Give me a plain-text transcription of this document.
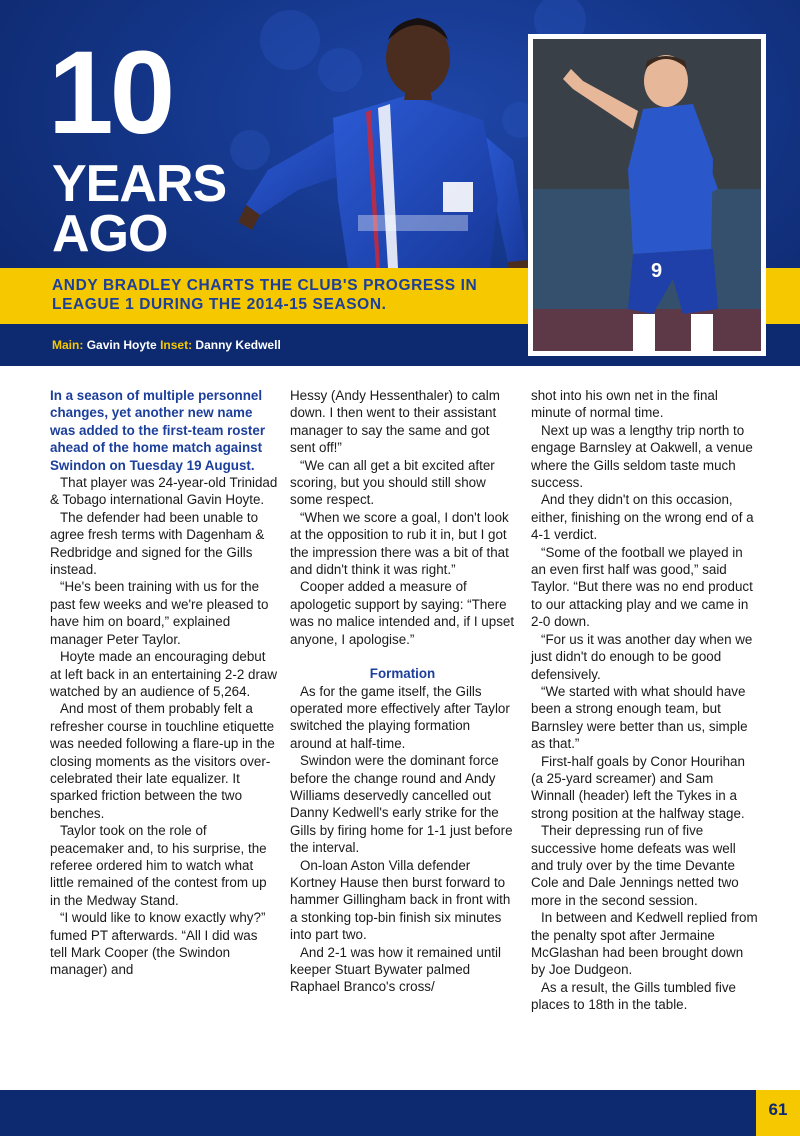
10
YEARS
AGO
ANDY BRADLEY CHARTS THE CLUB'S PROGRESS IN LEAGUE 1 DURING THE 2014-15 SEASON.
Main: Gavin Hoyte Inset: Danny Kedwell
9

In a season of multiple personnel changes, yet another new name was added to the first-team roster ahead of the home match against Swindon on Tuesday 19 August.

That player was 24-year-old Trinidad & Tobago international Gavin Hoyte.

The defender had been unable to agree fresh terms with Dagenham & Redbridge and signed for the Gills instead.

“He's been training with us for the past few weeks and we're pleased to have him on board,” explained manager Peter Taylor.

Hoyte made an encouraging debut at left back in an entertaining 2-2 draw watched by an audience of 5,264.

And most of them probably felt a refresher course in touchline etiquette was needed following a flare-up in the closing moments as the visitors over-celebrated their late equalizer. It sparked friction between the two benches.

Taylor took on the role of peacemaker and, to his surprise, the referee ordered him to watch what little remained of the contest from up in the Medway Stand.

“I would like to know exactly why?” fumed PT afterwards. “All I did was tell Mark Cooper (the Swindon manager) and

Hessy (Andy Hessenthaler) to calm down. I then went to their assistant manager to say the same and got sent off!”

“We can all get a bit excited after scoring, but you should still show some respect.

“When we score a goal, I don't look at the opposition to rub it in, but I got the impression there was a bit of that and didn't think it was right.”

Cooper added a measure of apologetic support by saying: “There was no malice intended and, if I upset anyone, I apologise.”

Formation

As for the game itself, the Gills operated more effectively after Taylor switched the playing formation around at half-time.

Swindon were the dominant force before the change round and Andy Williams deservedly cancelled out Danny Kedwell's early strike for the Gills by firing home for 1-1 just before the interval.

On-loan Aston Villa defender Kortney Hause then burst forward to hammer Gillingham back in front with a stonking top-bin finish six minutes into part two.

And 2-1 was how it remained until keeper Stuart Bywater palmed Raphael Branco's cross/

shot into his own net in the final minute of normal time.

Next up was a lengthy trip north to engage Barnsley at Oakwell, a venue where the Gills seldom taste much success.

And they didn't on this occasion, either, finishing on the wrong end of a 4-1 verdict.

“Some of the football we played in an even first half was good,” said Taylor. “But there was no end product to our attacking play and we came in 2-0 down.

“For us it was another day when we just didn't do enough to be good defensively.

“We started with what should have been a strong enough team, but Barnsley were better than us, simple as that.”

First-half goals by Conor Hourihan (a 25-yard screamer) and Sam Winnall (header) left the Tykes in a strong position at the halfway stage.

Their depressing run of five successive home defeats was well and truly over by the time Devante Cole and Dale Jennings netted two more in the second session.

In between and Kedwell replied from the penalty spot after Jermaine McGlashan had been brought down by Joe Dudgeon.

As a result, the Gills tumbled five places to 18th in the table.

61
